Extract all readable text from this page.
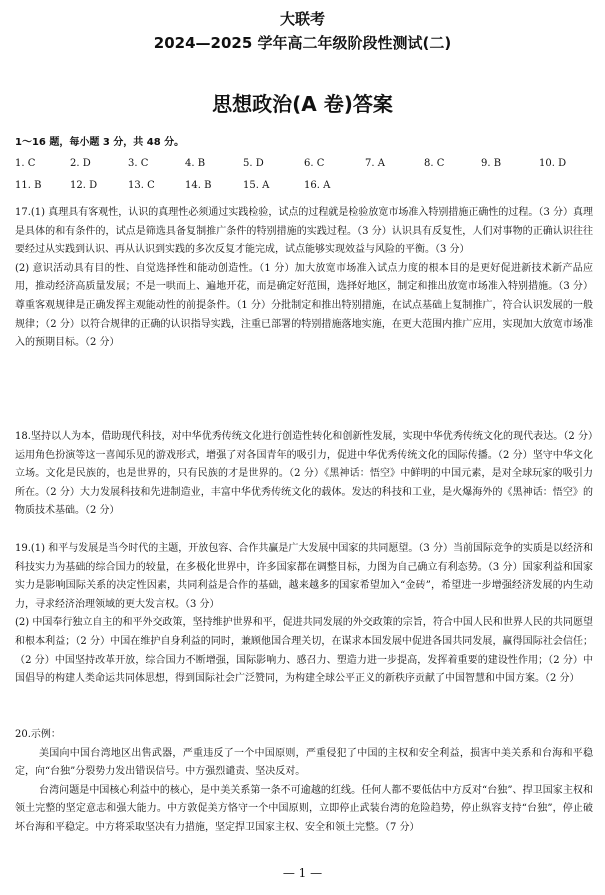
大联考
2024—2025 学年高二年级阶段性测试(二)
思想政治(A 卷)答案
1～16 题，每小题 3 分，共 48 分。
1. C	2. D	3. C	4. B	5. D	6. C	7. A	8. C	9. B	10. D
11. B	12. D	13. C	14. B	15. A	16. A
17.(1) 真理具有客观性，认识的真理性必须通过实践检验，试点的过程就是检验放宽市场准入特别措施正确性的过程。（3 分）真理是具体的和有条件的，试点是筛选具备复制推广条件的特别措施的实践过程。（3 分）认识具有反复性，人们对事物的正确认识往往要经过从实践到认识、再从认识到实践的多次反复才能完成，试点能够实现效益与风险的平衡。（3 分）
(2) 意识活动具有目的性、自觉选择性和能动创造性。（1 分）加大放宽市场准入试点力度的根本目的是更好促进新技术新产品应用，推动经济高质量发展；不是一哄而上、遍地开花，而是确定好范围，选择好地区，制定和推出放宽市场准入特别措施。（3 分）尊重客观规律是正确发挥主观能动性的前提条件。（1 分）分批制定和推出特别措施，在试点基础上复制推广，符合认识发展的一般规律；（2 分）以符合规律的正确的认识指导实践，注重已部署的特别措施落地实施，在更大范围内推广应用，实现加大放宽市场准入的预期目标。（2 分）
18.坚持以人为本，借助现代科技，对中华优秀传统文化进行创造性转化和创新性发展，实现中华优秀传统文化的现代表达。（2 分）运用角色扮演等这一喜闻乐见的游戏形式，增强了对各国青年的吸引力，促进中华优秀传统文化的国际传播。（2 分）坚守中华文化立场。文化是民族的，也是世界的，只有民族的才是世界的。（2 分）《黑神话：悟空》中鲜明的中国元素，是对全球玩家的吸引力所在。（2 分）大力发展科技和先进制造业，丰富中华优秀传统文化的载体。发达的科技和工业，是火爆海外的《黑神话：悟空》的物质技术基础。（2 分）
19.(1) 和平与发展是当今时代的主题，开放包容、合作共赢是广大发展中国家的共同愿望。（3 分）当前国际竞争的实质是以经济和科技实力为基础的综合国力的较量，在多极化世界中，许多国家都在调整目标，力图为自己确立有利态势。（3 分）国家利益和国家实力是影响国际关系的决定性因素，共同利益是合作的基础，越来越多的国家希望加入“金砖”，希望进一步增强经济发展的内生动力，寻求经济治理领域的更大发言权。（3 分）
(2) 中国奉行独立自主的和平外交政策，坚持维护世界和平，促进共同发展的外交政策的宗旨，符合中国人民和世界人民的共同愿望和根本利益；（2 分）中国在维护自身利益的同时，兼顾他国合理关切，在谋求本国发展中促进各国共同发展，赢得国际社会信任；（2 分）中国坚持改革开放，综合国力不断增强，国际影响力、感召力、塑造力进一步提高，发挥着重要的建设性作用；（2 分）中国倡导的构建人类命运共同体思想，得到国际社会广泛赞同，为构建全球公平正义的新秩序贡献了中国智慧和中国方案。（2 分）
20.示例：
美国向中国台湾地区出售武器，严重违反了一个中国原则，严重侵犯了中国的主权和安全利益，损害中美关系和台海和平稳定，向“台独”分裂势力发出错误信号。中方强烈谴责、坚决反对。
台湾问题是中国核心利益中的核心，是中美关系第一条不可逾越的红线。任何人都不要低估中方反对“台独”、捍卫国家主权和领土完整的坚定意志和强大能力。中方敦促美方恪守一个中国原则，立即停止武装台湾的危险趋势，停止纵容支持“台独”，停止破坏台海和平稳定。中方将采取坚决有力措施，坚定捍卫国家主权、安全和领土完整。（7 分）
— 1 —
